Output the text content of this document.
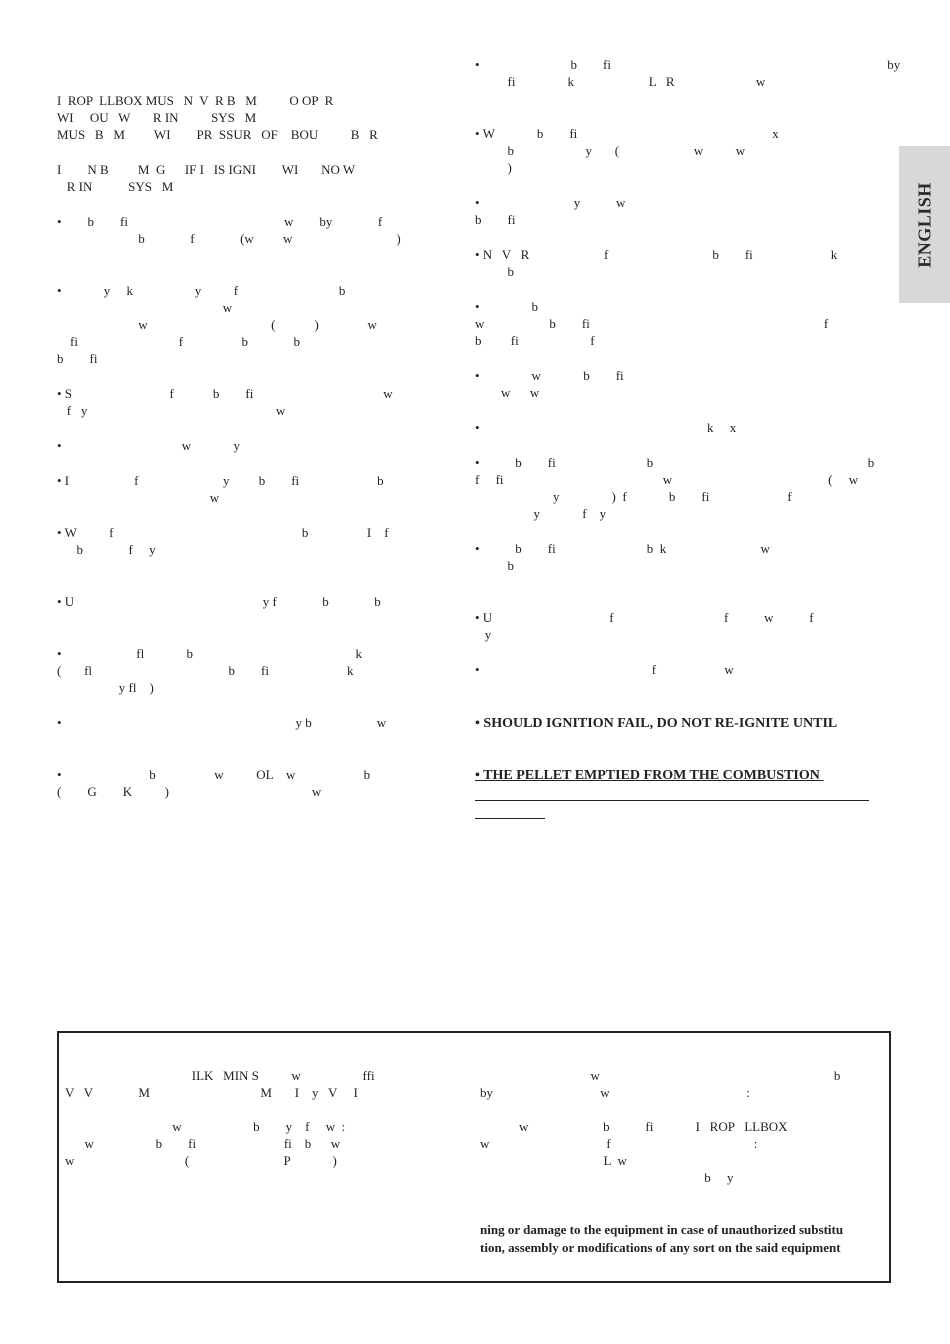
ENGLISH

I  ROP  LLBOX MUS   N  V  R B   M          O OP  R
WI     OU   W       R IN          SYS   M
MUS   B   M         WI        PR  SSUR   OF    BOU          B   R

I        N B         M  G      IF I   IS IGNI        WI       NO W
R IN           SYS   M

•        b        fi                                                w        by              f
b              f              (w         w                                )

•             y     k                   y          f                               b
w
w                                      (            )               w
fi                               f                  b              b
b        fi

• S                              f            b        fi                                        w
f   y                                                          w

•                                     w             y

• I                    f                          y         b        fi                        b
w

• W          f                                                          b                  I    f
b              f     y

• U                                                          y f              b              b

•                       fl             b                                                  k
(       fl                                          b        fi                        k
y fl    )

•                                                                        y b                    w

•                           b                  w          OL    w                     b
(        G        K          )                                            w

•                            b        fi                                                                                     by
fi                k                       L   R                         w

• W             b        fi                                                            x
b                      y       (                       w          w
)

•                             y           w
b        fi

• N   V   R                       f                                b        fi                        k
b

•                b
w                    b        fi                                                                        f
b         fi                      f

•                w             b        fi
w      w

•                                                                      k     x

•           b        fi                            b                                                                  b
f     fi                                                 w                                                (     w
y                )  f             b        fi                        f
y             f    y

•           b        fi                            b  k                             w
b

• U                                    f                                  f           w           f
y

•                                                     f                     w

• SHOULD IGNITION FAIL, DO NOT RE-IGNITE UNTIL
• THE PELLET EMPTIED FROM THE COMBUSTION

ILK   MIN S          w                   ffi
V   V              M                                  M       I    y   V     I

w                      b        y    f     w  :
w                   b        fi                           fi    b      w
w                                  (                             P             )

w                                                                        b
by                                 w                                          :

w                       b           fi             I   ROP   LLBOX
w                                    f                                            :
L  w
b     y

ning or damage to the equipment in case of unauthorized substitu
tion, assembly or modifications of any sort on the said equipment
